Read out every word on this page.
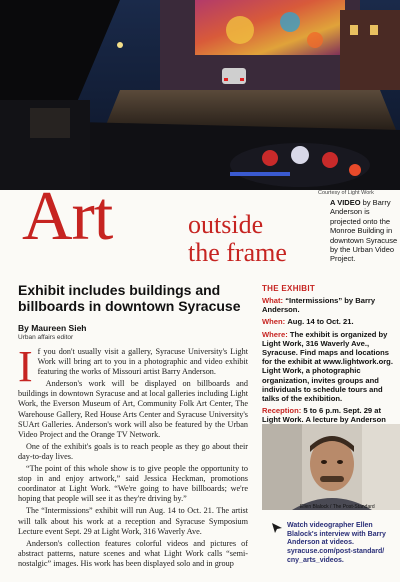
Courtesy of Light Work
Art	outside
the frame
A VIDEO by Barry Anderson is projected onto the Monroe Building in downtown Syracuse by the Urban Video Project.
Exhibit includes buildings and billboards in downtown Syracuse
By Maureen Sieh
Urban affairs editor

I f you don't usually visit a gallery, Syracuse University's Light Work will bring art to you in a photographic and video exhibit featuring the works of Missouri artist Barry Anderson.

Anderson's work will be displayed on billboards and buildings in downtown Syracuse and at local galleries including Light Work, the Everson Museum of Art, Community Folk Art Center, The Warehouse Gallery, Red House Arts Center and Syracuse University's SUArt Galleries. Anderson's work will also be featured by the Urban Video Project and the Orange TV Network.

One of the exhibit's goals is to reach people as they go about their day-to-day lives.

“The point of this whole show is to give people the opportunity to stop in and enjoy artwork,” said Jessica Heckman, promotions coordinator at Light Work. “We're going to have billboards; we're hoping that people will see it as they're driving by.”

The “Intermissions” exhibit will run Aug. 14 to Oct. 21. The artist will talk about his work at a reception and Syracuse Symposium Lecture event Sept. 29 at Light Work, 316 Waverly Ave.

Anderson's collection features colorful videos and pictures of abstract patterns, nature scenes and what Light Work calls “semi-nostalgic” images. His work has been displayed solo and in group

THE EXHIBIT
What: “Intermissions” by Barry Anderson.
When: Aug. 14 to Oct. 21.
Where: The exhibit is organized by Light Work, 316 Waverly Ave., Syracuse. Find maps and locations for the exhibit at www.lightwork.org. Light Work, a photographic organization, invites groups and individuals to schedule tours and talks of the exhibition.
Reception: 5 to 6 p.m. Sept. 29 at Light Work. A lecture by Anderson
Ellen Blalock / The Post-Standard
Watch videographer Ellen Blalock's interview with Barry Anderson at videos. syracuse.com/post-standard/ cny_arts_videos.
